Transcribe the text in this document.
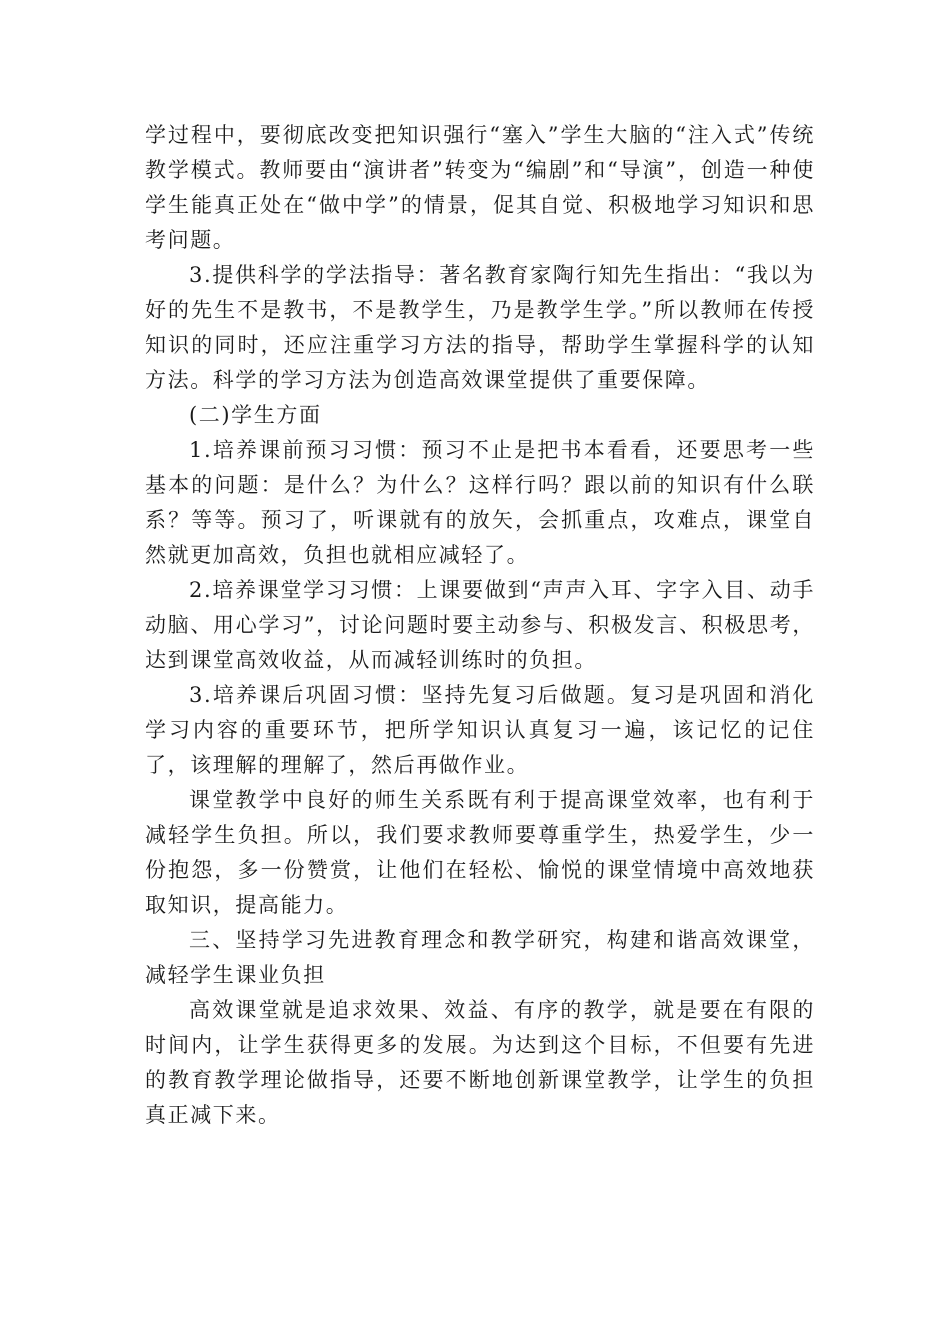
学过程中，要彻底改变把知识强行“塞入”学生大脑的“注入式”传统教学模式。教师要由“演讲者”转变为“编剧”和“导演”，创造一种使学生能真正处在“做中学”的情景，促其自觉、积极地学习知识和思考问题。

3.提供科学的学法指导：著名教育家陶行知先生指出：“我以为好的先生不是教书，不是教学生，乃是教学生学。”所以教师在传授知识的同时，还应注重学习方法的指导，帮助学生掌握科学的认知方法。科学的学习方法为创造高效课堂提供了重要保障。

(二)学生方面

1.培养课前预习习惯：预习不止是把书本看看，还要思考一些基本的问题：是什么？为什么？这样行吗？跟以前的知识有什么联系？等等。预习了，听课就有的放矢，会抓重点，攻难点，课堂自然就更加高效，负担也就相应减轻了。

2.培养课堂学习习惯：上课要做到“声声入耳、字字入目、动手动脑、用心学习”，讨论问题时要主动参与、积极发言、积极思考，达到课堂高效收益，从而减轻训练时的负担。

3.培养课后巩固习惯：坚持先复习后做题。复习是巩固和消化学习内容的重要环节，把所学知识认真复习一遍，该记忆的记住了，该理解的理解了，然后再做作业。

课堂教学中良好的师生关系既有利于提高课堂效率，也有利于减轻学生负担。所以，我们要求教师要尊重学生，热爱学生，少一份抱怨，多一份赞赏，让他们在轻松、愉悦的课堂情境中高效地获取知识，提高能力。

三、坚持学习先进教育理念和教学研究，构建和谐高效课堂，减轻学生课业负担

高效课堂就是追求效果、效益、有序的教学，就是要在有限的时间内，让学生获得更多的发展。为达到这个目标，不但要有先进的教育教学理论做指导，还要不断地创新课堂教学，让学生的负担真正减下来。
